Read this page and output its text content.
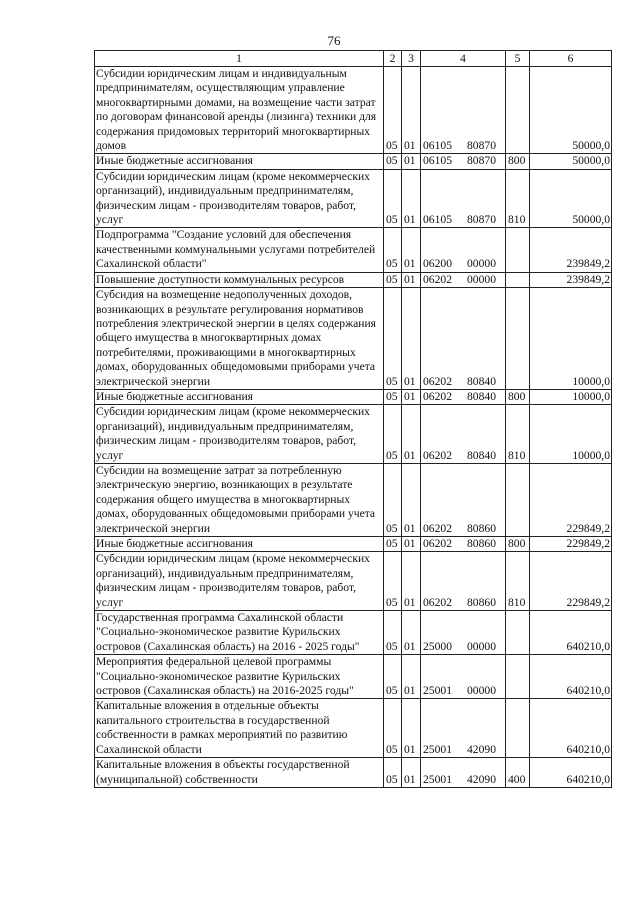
76
1	2	3	4	5	6
Субсидии юридическим лицам и индивидуальным предпринимателям, осуществляющим управление многоквартирными домами, на возмещение части затрат по договорам финансовой аренды (лизинга) техники для содержания придомовых территорий многоквартирных домов	05	01	06105 80870		50000,0
Иные бюджетные ассигнования	05	01	06105 80870	800	50000,0
Субсидии юридическим лицам (кроме некоммерческих организаций), индивидуальным предпринимателям, физическим лицам - производителям товаров, работ, услуг	05	01	06105 80870	810	50000,0
Подпрограмма "Создание условий для обеспечения качественными коммунальными услугами потребителей Сахалинской области"	05	01	06200 00000		239849,2
Повышение доступности коммунальных ресурсов	05	01	06202 00000		239849,2
Субсидия на возмещение недополученных доходов, возникающих в результате регулирования нормативов потребления электрической энергии в целях содержания общего имущества в многоквартирных домах потребителями, проживающими в многоквартирных домах, оборудованных общедомовыми приборами учета электрической энергии	05	01	06202 80840		10000,0
Иные бюджетные ассигнования	05	01	06202 80840	800	10000,0
Субсидии юридическим лицам (кроме некоммерческих организаций), индивидуальным предпринимателям, физическим лицам - производителям товаров, работ, услуг	05	01	06202 80840	810	10000,0
Субсидии на возмещение затрат за потребленную электрическую энергию, возникающих в результате содержания общего имущества в многоквартирных домах, оборудованных общедомовыми приборами учета электрической энергии	05	01	06202 80860		229849,2
Иные бюджетные ассигнования	05	01	06202 80860	800	229849,2
Субсидии юридическим лицам (кроме некоммерческих организаций), индивидуальным предпринимателям, физическим лицам - производителям товаров, работ, услуг	05	01	06202 80860	810	229849,2
Государственная программа Сахалинской области "Социально-экономическое развитие Курильских островов (Сахалинская область) на 2016 - 2025 годы"	05	01	25000 00000		640210,0
Мероприятия федеральной целевой программы "Социально-экономическое развитие Курильских островов (Сахалинская область) на 2016-2025 годы"	05	01	25001 00000		640210,0
Капитальные вложения в отдельные объекты капитального строительства в государственной собственности в рамках мероприятий по развитию Сахалинской области	05	01	25001 42090		640210,0
Капитальные вложения в объекты государственной (муниципальной) собственности	05	01	25001 42090	400	640210,0
